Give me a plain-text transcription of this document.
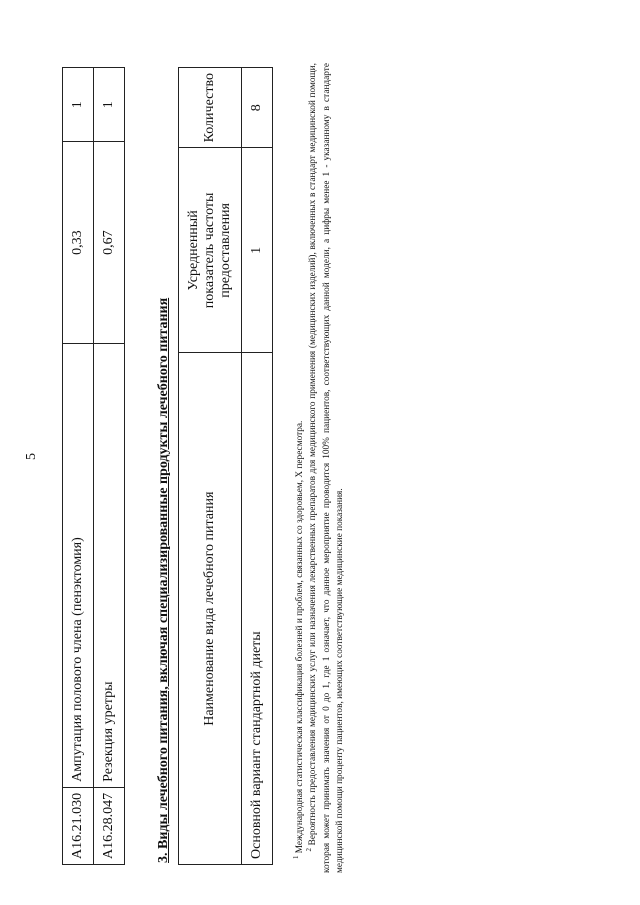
5
A16.21.030	Ампутация полового члена (пенэктомия)	0,33	1
A16.28.047	Резекция уретры	0,67	1
3. Виды лечебного питания, включая специализированные продукты лечебного питания Наименование вида лечебного питания	Усредненный показатель частоты предоставления	Количество
Основной вариант стандартной диеты	1	8

$^1$ Международная статистическая классификация болезней и проблем, связанных со здоровьем, X пересмотра. $^2$ Вероятность предоставления медицинских услуг или назначения лекарственных препаратов для медицинского применения (медицинских изделий), включенных в стандарт медицинской помощи, которая может принимать значения от 0 до 1, где 1 означает, что данное мероприятие проводится 100% пациентов, соответствующих данной модели, а цифры менее 1 - указанному в стандарте медицинской помощи проценту пациентов, имеющих соответствующие медицинские показания.
